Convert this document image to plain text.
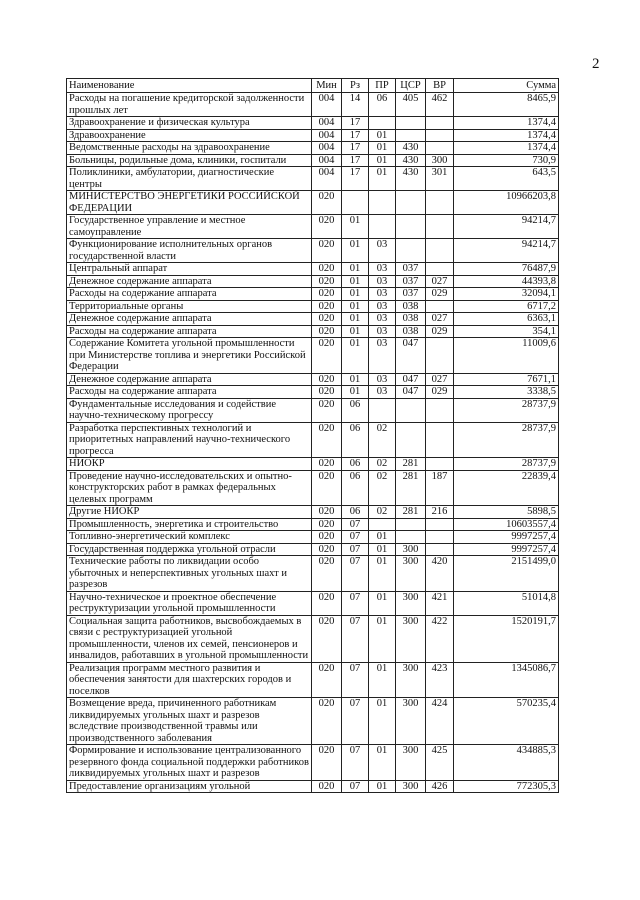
2
Наименование	Мин	Рз	ПР	ЦСР	ВР	Сумма
Расходы на погашение кредиторской задолженности прошлых лет	004	14	06	405	462	8465,9
Здравоохранение и физическая культура	004	17				1374,4
Здравоохранение	004	17	01			1374,4
Ведомственные расходы на здравоохранение	004	17	01	430		1374,4
Больницы, родильные дома, клиники, госпитали	004	17	01	430	300	730,9
Поликлиники, амбулатории, диагностические центры	004	17	01	430	301	643,5
МИНИСТЕРСТВО ЭНЕРГЕТИКИ РОССИЙСКОЙ ФЕДЕРАЦИИ	020					10966203,8
Государственное управление и местное самоуправление	020	01				94214,7
Функционирование исполнительных органов государственной власти	020	01	03			94214,7
Центральный аппарат	020	01	03	037		76487,9
Денежное содержание аппарата	020	01	03	037	027	44393,8
Расходы на содержание аппарата	020	01	03	037	029	32094,1
Территориальные органы	020	01	03	038		6717,2
Денежное содержание аппарата	020	01	03	038	027	6363,1
Расходы на содержание аппарата	020	01	03	038	029	354,1
Содержание Комитета угольной промышленности при Министерстве топлива и энергетики Российской Федерации	020	01	03	047		11009,6
Денежное содержание аппарата	020	01	03	047	027	7671,1
Расходы на содержание аппарата	020	01	03	047	029	3338,5
Фундаментальные исследования и содействие научно-техническому прогрессу	020	06				28737,9
Разработка перспективных технологий и приоритетных направлений научно-технического прогресса	020	06	02			28737,9
НИОКР	020	06	02	281		28737,9
Проведение научно-исследовательских и опытно-конструкторских работ в рамках федеральных целевых программ	020	06	02	281	187	22839,4
Другие НИОКР	020	06	02	281	216	5898,5
Промышленность, энергетика и строительство	020	07				10603557,4
Топливно-энергетический комплекс	020	07	01			9997257,4
Государственная поддержка угольной отрасли	020	07	01	300		9997257,4
Технические работы по ликвидации особо убыточных и неперспективных угольных шахт и разрезов	020	07	01	300	420	2151499,0
Научно-техническое и проектное обеспечение реструктуризации угольной промышленности	020	07	01	300	421	51014,8
Социальная защита работников, высвобождаемых в связи с реструктуризацией угольной промышленности, членов их семей, пенсионеров и инвалидов, работавших в угольной промышленности	020	07	01	300	422	1520191,7
Реализация программ местного развития и обеспечения занятости для шахтерских городов и поселков	020	07	01	300	423	1345086,7
Возмещение вреда, причиненного работникам ликвидируемых угольных шахт и разрезов вследствие производственной травмы или производственного заболевания	020	07	01	300	424	570235,4
Формирование и использование централизованного резервного фонда социальной поддержки работников ликвидируемых угольных шахт и разрезов	020	07	01	300	425	434885,3
Предоставление организациям угольной	020	07	01	300	426	772305,3
